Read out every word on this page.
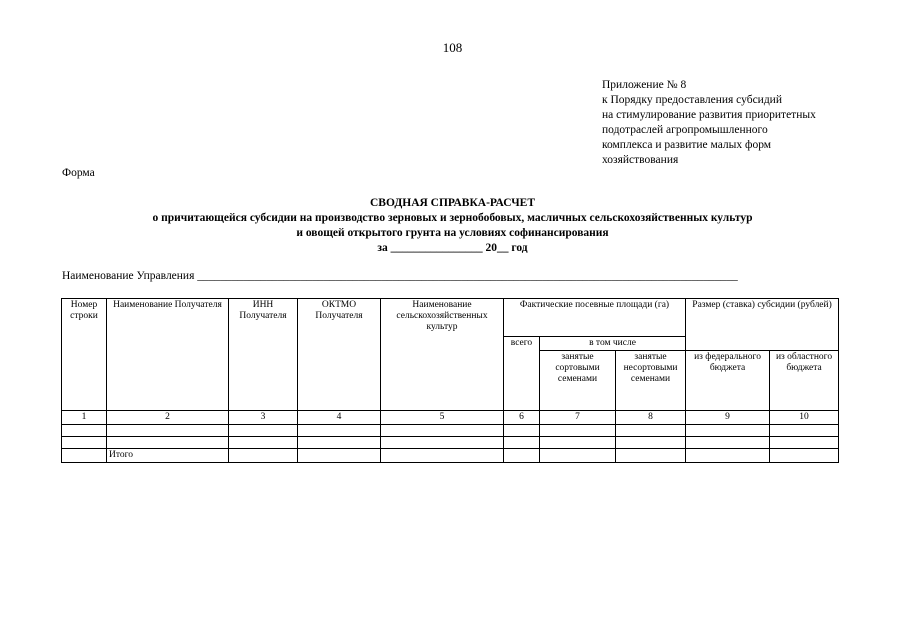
108
Приложение № 8
к Порядку предоставления субсидий
на стимулирование развития приоритетных
подотраслей агропромышленного
комплекса и развитие малых форм
хозяйствования
Форма
СВОДНАЯ СПРАВКА-РАСЧЕТ
о причитающейся субсидии на производство зерновых и зернобобовых, масличных сельскохозяйственных культур
и овощей открытого грунта на условиях софинансирования
за ________________ 20__ год
Наименование Управления ______________________________________________________________________________________________
Номер строки	Наименование Получателя	ИНН Получателя	ОКТМО Получателя	Наименование сельскохозяйственных культур	Фактические посевные площади (га)			Размер (ставка) субсидии (рублей)	
					всего	в том числе			
						занятые сортовыми семенами	занятые несортовыми семенами	из федерального бюджета	из областного бюджета
1	2	3	4	5	6	7	8	9	10

	Итого								
